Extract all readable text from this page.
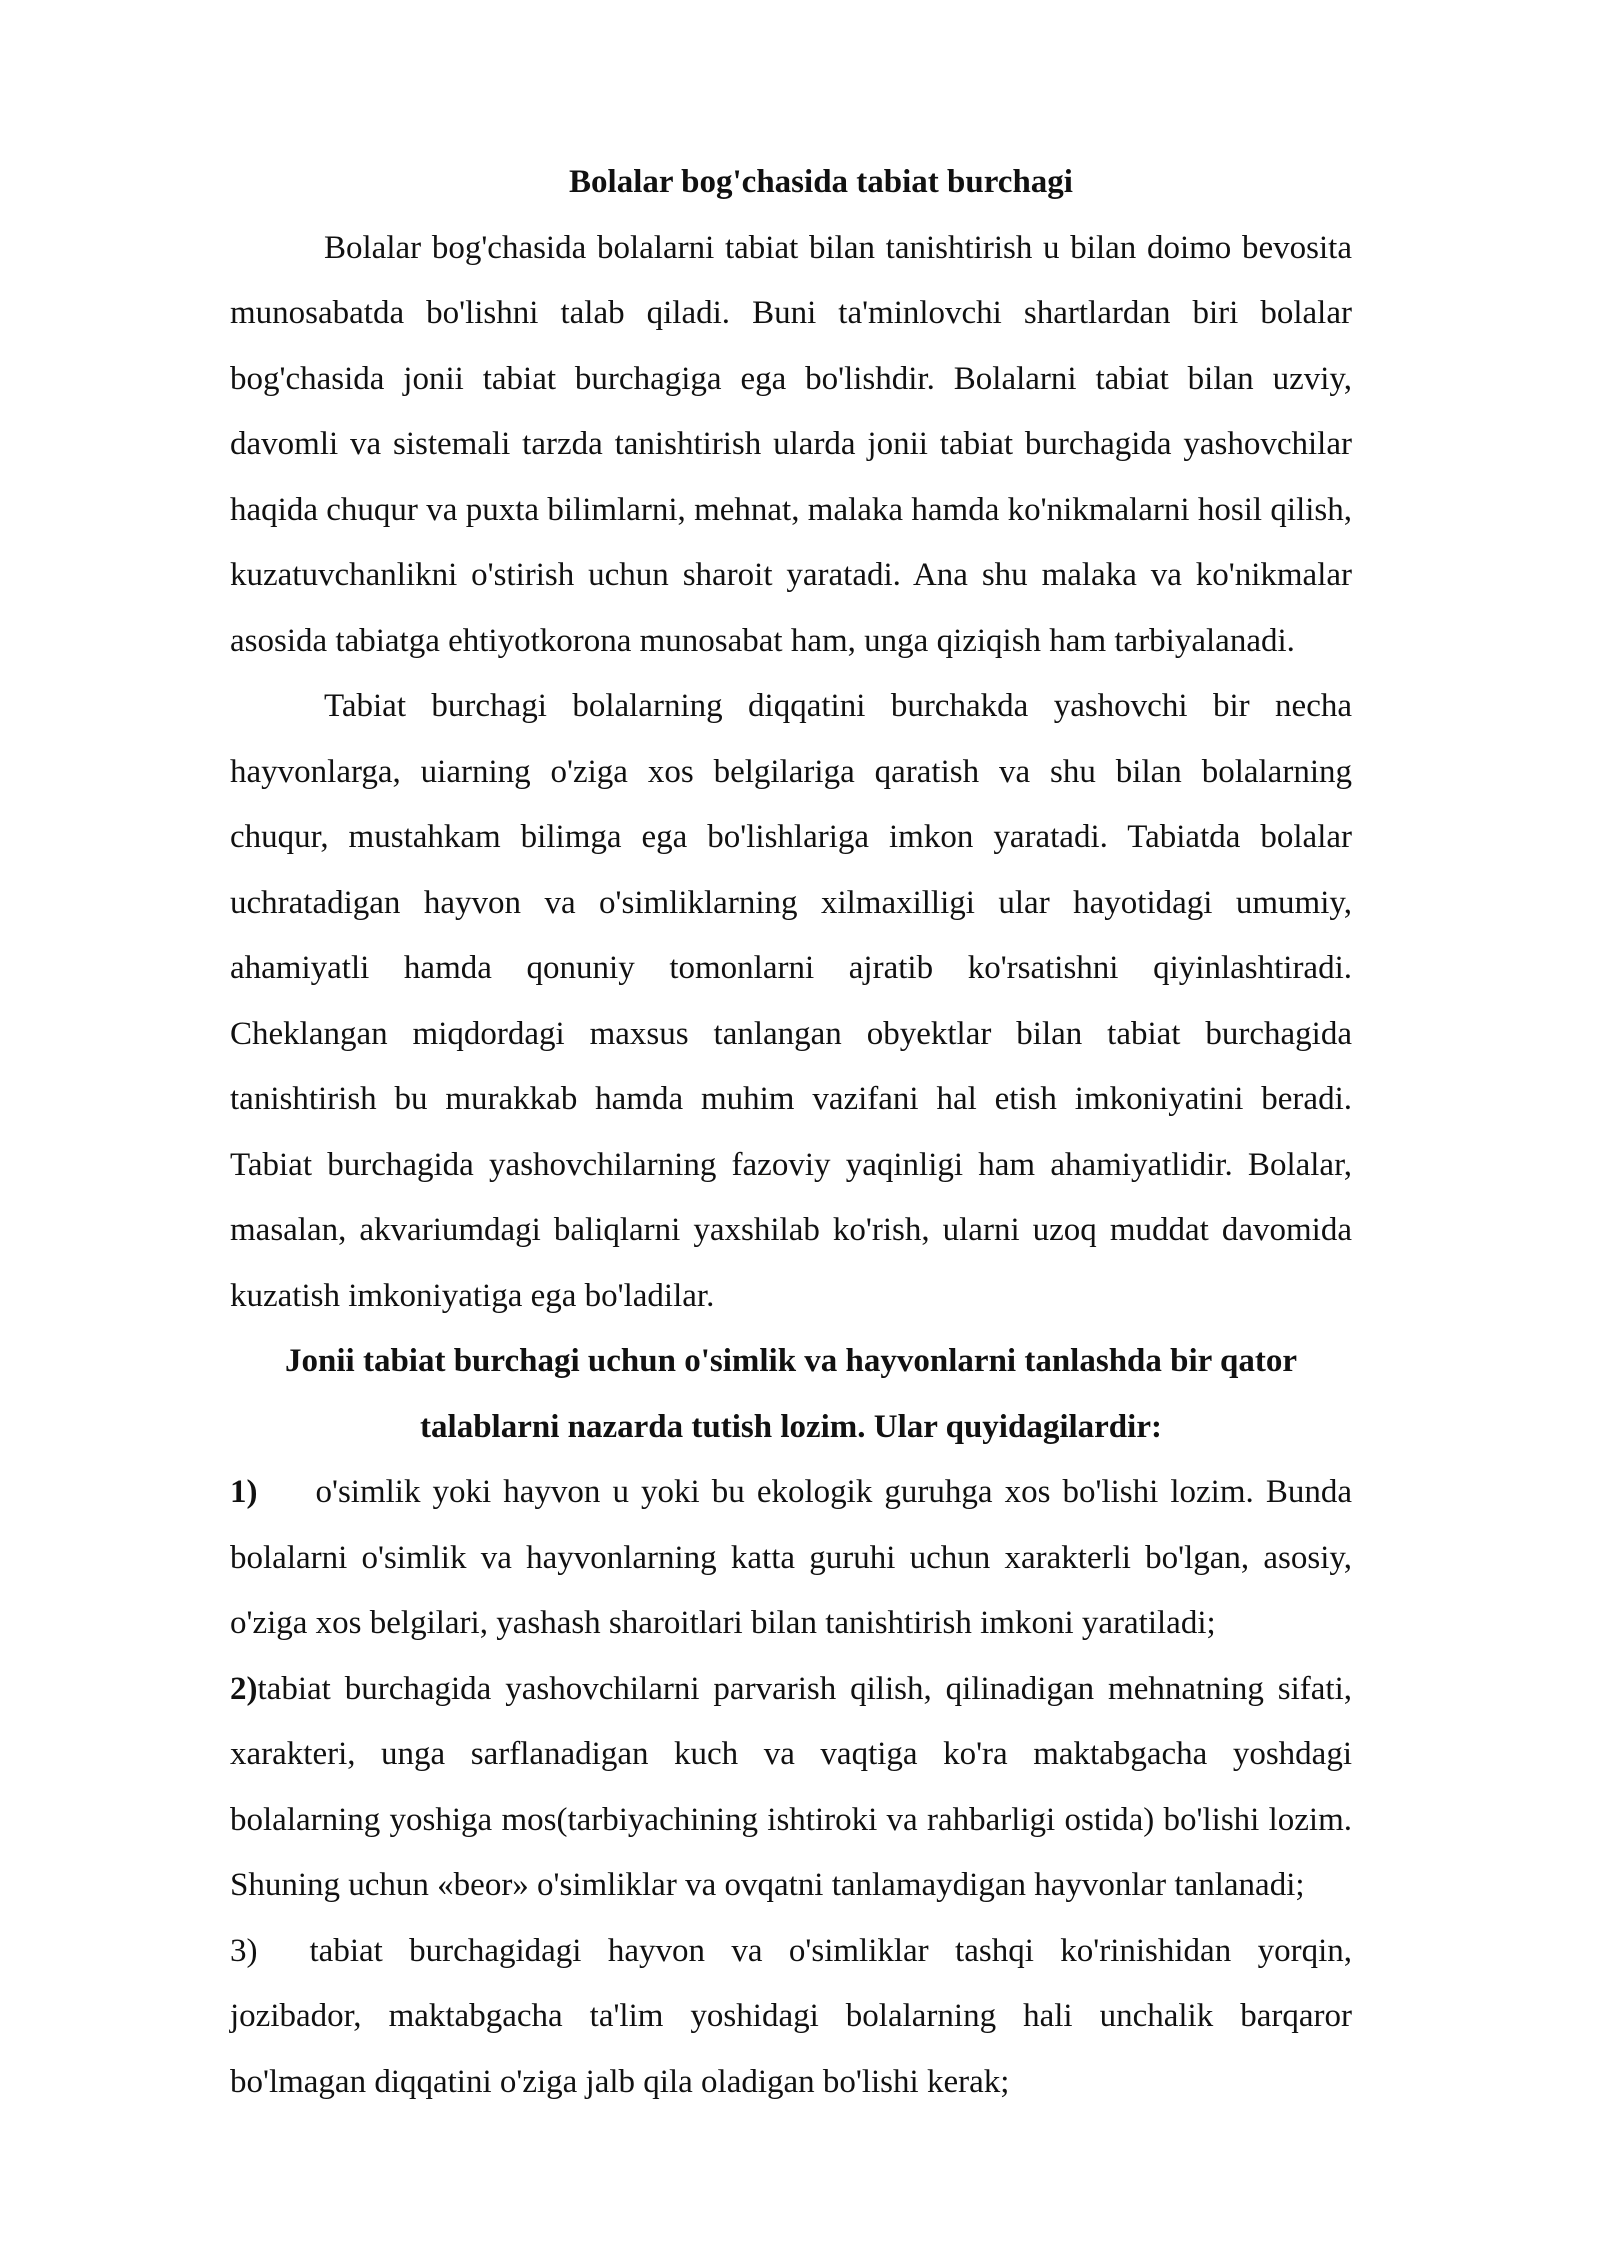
Bolalar bog'chasida tabiat burchagi

Bolalar bog'chasida bolalarni tabiat bilan tanishtirish u bilan doimo bevosita munosabatda bo'lishni talab qiladi. Buni ta'minlovchi shartlardan biri bolalar bog'chasida jonii tabiat burchagiga ega bo'lishdir. Bolalarni tabiat bilan uzviy, davomli va sistemali tarzda tanishtirish ularda jonii tabiat burchagida yashovchilar haqida chuqur va puxta bilimlarni, mehnat, malaka hamda ko'nikmalarni hosil qilish, kuzatuvchanlikni o'stirish uchun sharoit yaratadi. Ana shu malaka va ko'nikmalar asosida tabiatga ehtiyotkorona munosabat ham, unga qiziqish ham tarbiyalanadi.

Tabiat burchagi bolalarning diqqatini burchakda yashovchi bir necha hayvonlarga, uiarning o'ziga xos belgilariga qaratish va shu bilan bolalarning chuqur, mustahkam bilimga ega bo'lishlariga imkon yaratadi. Tabiatda bolalar uchratadigan hayvon va o'simliklarning xilmaxilligi ular hayotidagi umumiy, ahamiyatli hamda qonuniy tomonlarni ajratib ko'rsatishni qiyinlashtiradi. Cheklangan miqdordagi maxsus tanlangan obyektlar bilan tabiat burchagida tanishtirish bu murakkab hamda muhim vazifani hal etish imkoniyatini beradi. Tabiat burchagida yashovchilarning fazoviy yaqinligi ham ahamiyatlidir. Bolalar, masalan, akvariumdagi baliqlarni yaxshilab ko'rish, ularni uzoq muddat davomida kuzatish imkoniyatiga ega bo'ladilar.

Jonii tabiat burchagi uchun o'simlik va hayvonlarni tanlashda bir qator talablarni nazarda tutish lozim. Ular quyidagilardir:

1) o'simlik yoki hayvon u yoki bu ekologik guruhga xos bo'lishi lozim. Bunda bolalarni o'simlik va hayvonlarning katta guruhi uchun xarakterli bo'lgan, asosiy, o'ziga xos belgilari, yashash sharoitlari bilan tanishtirish imkoni yaratiladi;

2)tabiat burchagida yashovchilarni parvarish qilish, qilinadigan mehnatning sifati, xarakteri, unga sarflanadigan kuch va vaqtiga ko'ra maktabgacha yoshdagi bolalarning yoshiga mos(tarbiyachining ishtiroki va rahbarligi ostida) bo'lishi lozim. Shuning uchun «beor» o'simliklar va ovqatni tanlamaydigan hayvonlar tanlanadi;

3) tabiat burchagidagi hayvon va o'simliklar tashqi ko'rinishidan yorqin, jozibador, maktabgacha ta'lim yoshidagi bolalarning hali unchalik barqaror bo'lmagan diqqatini o'ziga jalb qila oladigan bo'lishi kerak;
